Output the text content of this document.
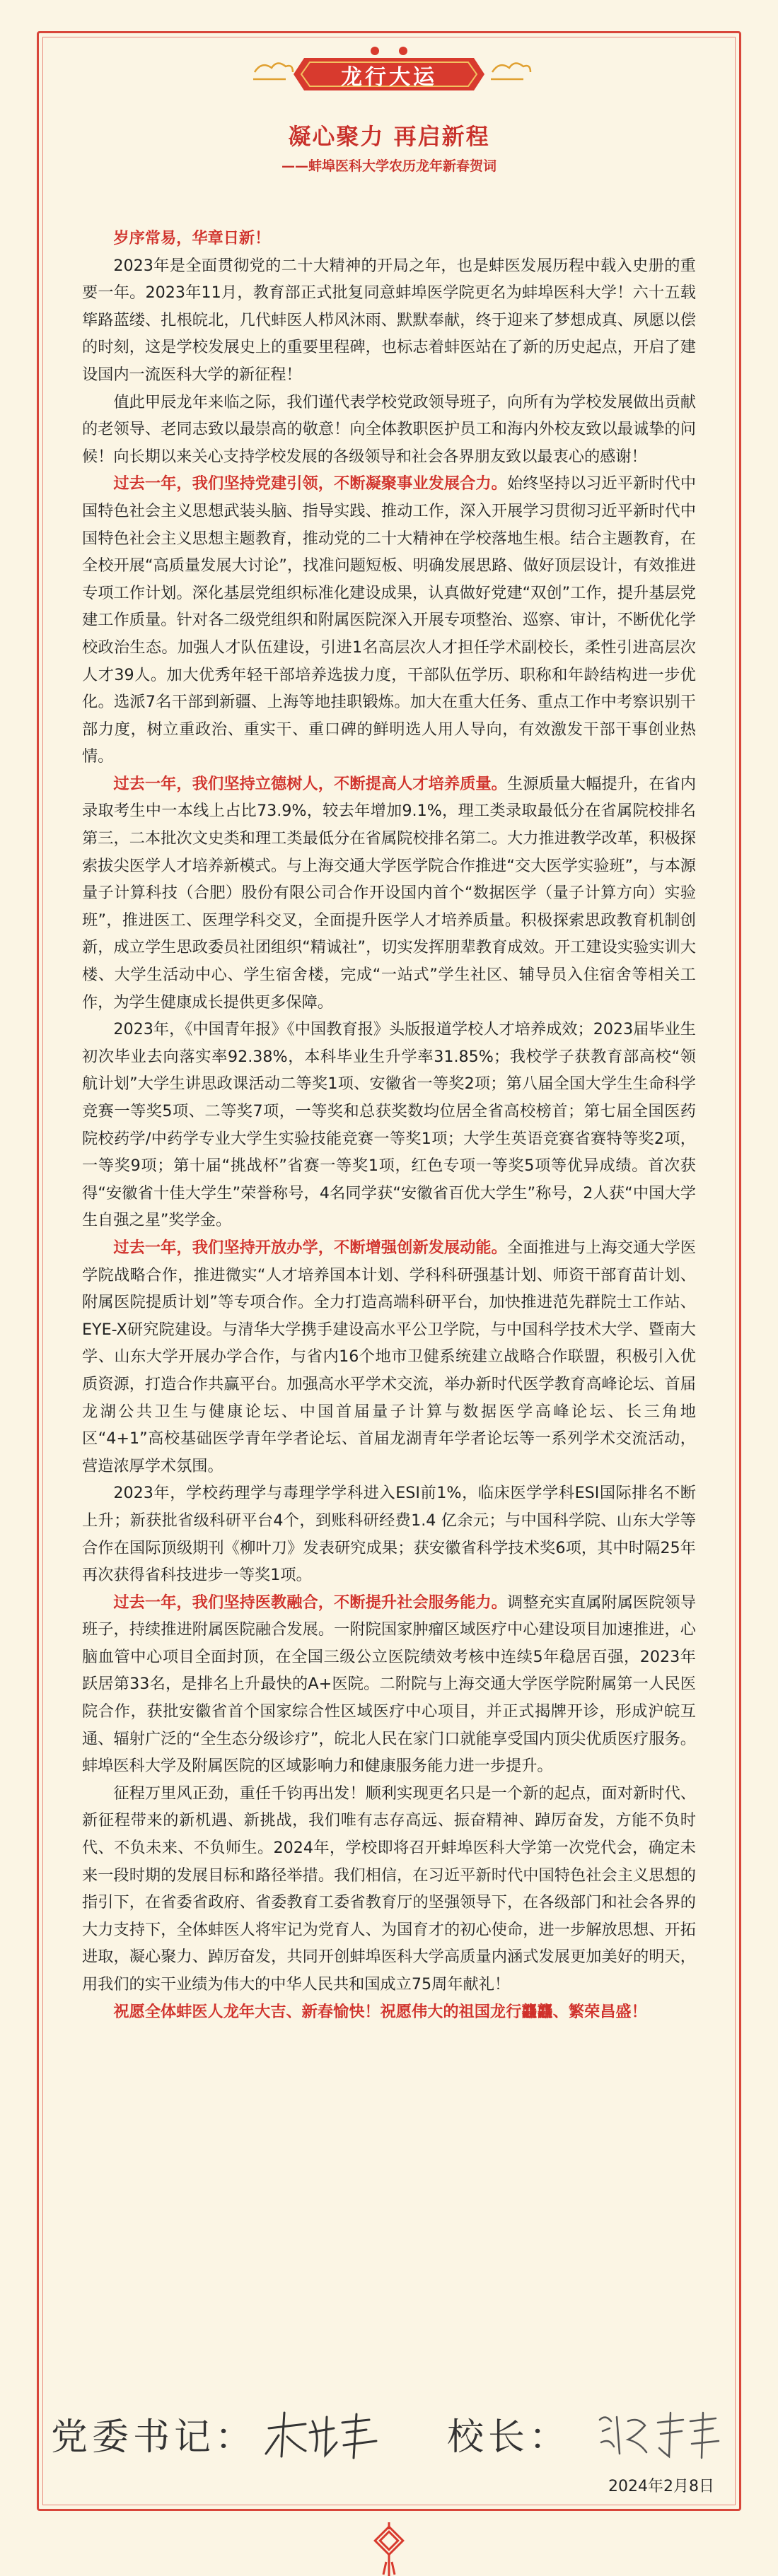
龙行大运
凝心聚力 再启新程
——蚌埠医科大学农历龙年新春贺词

岁序常易，华章日新！

2023年是全面贯彻党的二十大精神的开局之年，也是蚌医发展历程中载入史册的重要一年。2023年11月，教育部正式批复同意蚌埠医学院更名为蚌埠医科大学！六十五载筚路蓝缕、扎根皖北，几代蚌医人栉风沐雨、默默奉献，终于迎来了梦想成真、夙愿以偿的时刻，这是学校发展史上的重要里程碑，也标志着蚌医站在了新的历史起点，开启了建设国内一流医科大学的新征程！

值此甲辰龙年来临之际，我们谨代表学校党政领导班子，向所有为学校发展做出贡献的老领导、老同志致以最崇高的敬意！向全体教职医护员工和海内外校友致以最诚挚的问候！向长期以来关心支持学校发展的各级领导和社会各界朋友致以最衷心的感谢！

过去一年，我们坚持党建引领，不断凝聚事业发展合力。始终坚持以习近平新时代中国特色社会主义思想武装头脑、指导实践、推动工作，深入开展学习贯彻习近平新时代中国特色社会主义思想主题教育，推动党的二十大精神在学校落地生根。结合主题教育，在全校开展“高质量发展大讨论”，找准问题短板、明确发展思路、做好顶层设计，有效推进专项工作计划。深化基层党组织标准化建设成果，认真做好党建“双创”工作，提升基层党建工作质量。针对各二级党组织和附属医院深入开展专项整治、巡察、审计，不断优化学校政治生态。加强人才队伍建设，引进1名高层次人才担任学术副校长，柔性引进高层次人才39人。加大优秀年轻干部培养选拔力度，干部队伍学历、职称和年龄结构进一步优化。选派7名干部到新疆、上海等地挂职锻炼。加大在重大任务、重点工作中考察识别干部力度，树立重政治、重实干、重口碑的鲜明选人用人导向，有效激发干部干事创业热情。

过去一年，我们坚持立德树人，不断提高人才培养质量。生源质量大幅提升，在省内录取考生中一本线上占比73.9%，较去年增加9.1%，理工类录取最低分在省属院校排名第三，二本批次文史类和理工类最低分在省属院校排名第二。大力推进教学改革，积极探索拔尖医学人才培养新模式。与上海交通大学医学院合作推进“交大医学实验班”，与本源量子计算科技（合肥）股份有限公司合作开设国内首个“数据医学（量子计算方向）实验班”，推进医工、医理学科交叉，全面提升医学人才培养质量。积极探索思政教育机制创新，成立学生思政委员社团组织“精诚社”，切实发挥朋辈教育成效。开工建设实验实训大楼、大学生活动中心、学生宿舍楼，完成“一站式”学生社区、辅导员入住宿舍等相关工作，为学生健康成长提供更多保障。

2023年，《中国青年报》《中国教育报》头版报道学校人才培养成效；2023届毕业生初次毕业去向落实率92.38%，本科毕业生升学率31.85%；我校学子获教育部高校“领航计划”大学生讲思政课活动二等奖1项、安徽省一等奖2项；第八届全国大学生生命科学竞赛一等奖5项、二等奖7项，一等奖和总获奖数均位居全省高校榜首；第七届全国医药院校药学/中药学专业大学生实验技能竞赛一等奖1项；大学生英语竞赛省赛特等奖2项，一等奖9项；第十届“挑战杯”省赛一等奖1项，红色专项一等奖5项等优异成绩。首次获得“安徽省十佳大学生”荣誉称号，4名同学获“安徽省百优大学生”称号，2人获“中国大学生自强之星”奖学金。

过去一年，我们坚持开放办学，不断增强创新发展动能。全面推进与上海交通大学医学院战略合作，推进微实“人才培养国本计划、学科科研强基计划、师资干部育苗计划、附属医院提质计划”等专项合作。全力打造高端科研平台，加快推进范先群院士工作站、EYE-X研究院建设。与清华大学携手建设高水平公卫学院，与中国科学技术大学、暨南大学、山东大学开展办学合作，与省内16个地市卫健系统建立战略合作联盟，积极引入优质资源，打造合作共赢平台。加强高水平学术交流，举办新时代医学教育高峰论坛、首届龙湖公共卫生与健康论坛、中国首届量子计算与数据医学高峰论坛、长三角地区“4+1”高校基础医学青年学者论坛、首届龙湖青年学者论坛等一系列学术交流活动，营造浓厚学术氛围。

2023年，学校药理学与毒理学学科进入ESI前1%，临床医学学科ESI国际排名不断上升；新获批省级科研平台4个，到账科研经费1.4 亿余元；与中国科学院、山东大学等合作在国际顶级期刊《柳叶刀》发表研究成果；获安徽省科学技术奖6项，其中时隔25年再次获得省科技进步一等奖1项。

过去一年，我们坚持医教融合，不断提升社会服务能力。调整充实直属附属医院领导班子，持续推进附属医院融合发展。一附院国家肿瘤区域医疗中心建设项目加速推进，心脑血管中心项目全面封顶，在全国三级公立医院绩效考核中连续5年稳居百强，2023年跃居第33名，是排名上升最快的A+医院。二附院与上海交通大学医学院附属第一人民医院合作，获批安徽省首个国家综合性区域医疗中心项目，并正式揭牌开诊，形成沪皖互通、辐射广泛的“全生态分级诊疗”，皖北人民在家门口就能享受国内顶尖优质医疗服务。蚌埠医科大学及附属医院的区域影响力和健康服务能力进一步提升。

征程万里风正劲，重任千钧再出发！顺利实现更名只是一个新的起点，面对新时代、新征程带来的新机遇、新挑战，我们唯有志存高远、振奋精神、踔厉奋发，方能不负时代、不负未来、不负师生。2024年，学校即将召开蚌埠医科大学第一次党代会，确定未来一段时期的发展目标和路径举措。我们相信，在习近平新时代中国特色社会主义思想的指引下，在省委省政府、省委教育工委省教育厅的坚强领导下，在各级部门和社会各界的大力支持下，全体蚌医人将牢记为党育人、为国育才的初心使命，进一步解放思想、开拓进取，凝心聚力、踔厉奋发，共同开创蚌埠医科大学高质量内涵式发展更加美好的明天，用我们的实干业绩为伟大的中华人民共和国成立75周年献礼！

祝愿全体蚌医人龙年大吉、新春愉快！祝愿伟大的祖国龙行龘龘、繁荣昌盛！

党委书记：	校长：
2024年2月8日
